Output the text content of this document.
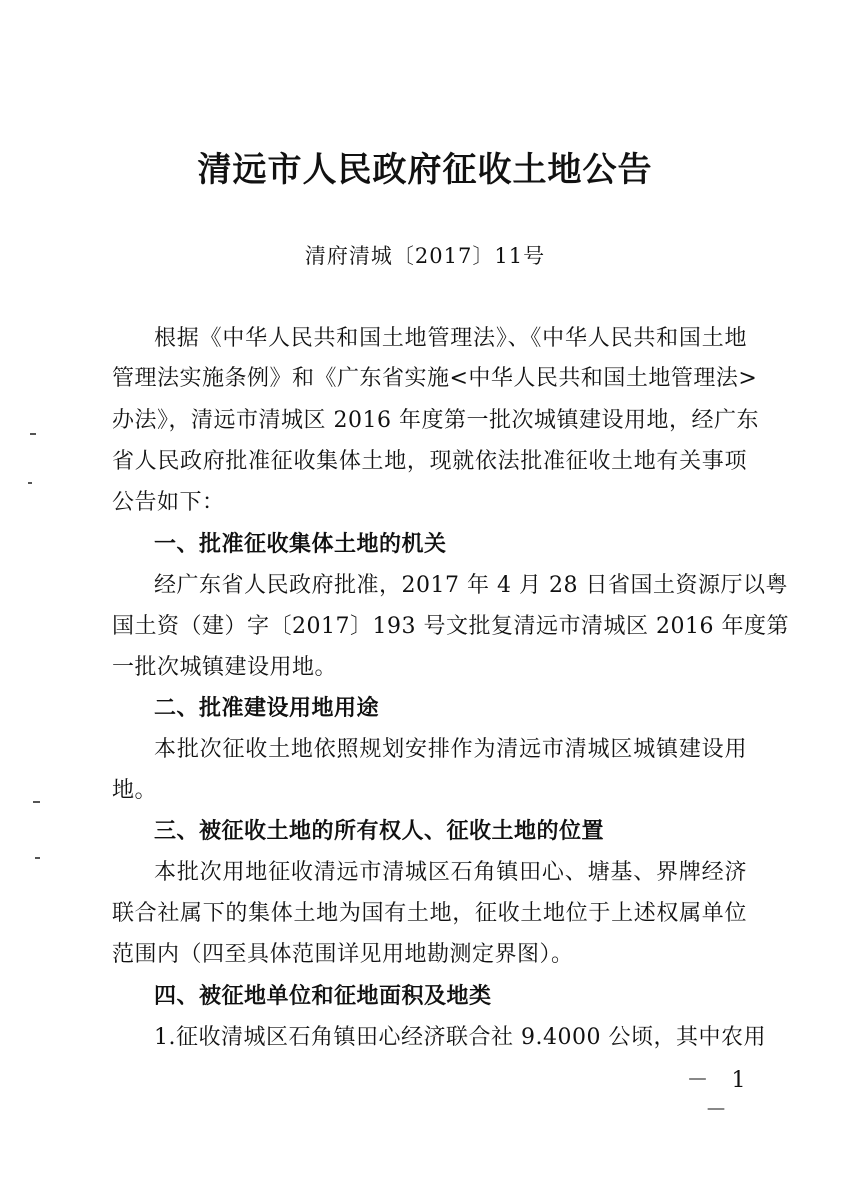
清远市人民政府征收土地公告
清府清城〔2017〕11号
根据《中华人民共和国土地管理法》、《中华人民共和国土地
管理法实施条例》和《广东省实施<中华人民共和国土地管理法>
办法》，清远市清城区 2016 年度第一批次城镇建设用地，经广东
省人民政府批准征收集体土地，现就依法批准征收土地有关事项
公告如下：
一、批准征收集体土地的机关
经广东省人民政府批准，2017 年 4 月 28 日省国土资源厅以粤
国土资（建）字〔2017〕193 号文批复清远市清城区 2016 年度第
一批次城镇建设用地。
二、批准建设用地用途
本批次征收土地依照规划安排作为清远市清城区城镇建设用
地。
三、被征收土地的所有权人、征收土地的位置
本批次用地征收清远市清城区石角镇田心、塘基、界牌经济
联合社属下的集体土地为国有土地，征收土地位于上述权属单位
范围内（四至具体范围详见用地勘测定界图）。
四、被征地单位和征地面积及地类
1.征收清城区石角镇田心经济联合社 9.4000 公顷，其中农用
－ 1 －
